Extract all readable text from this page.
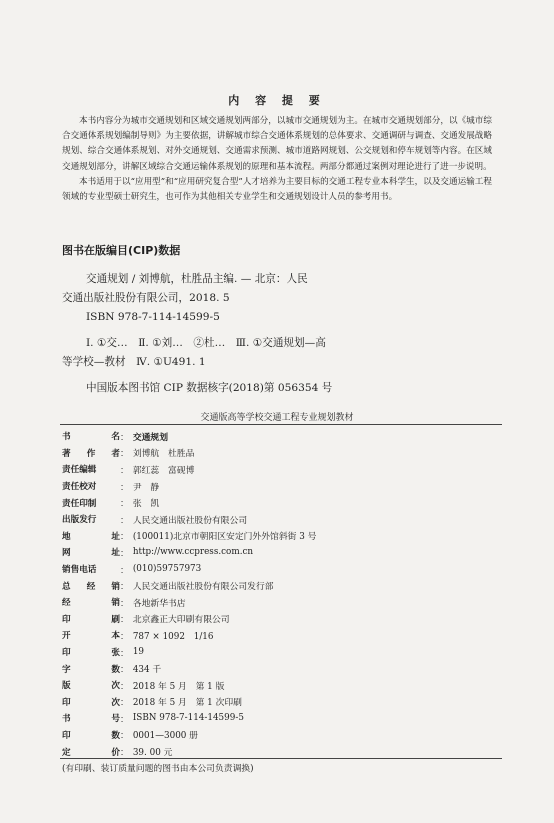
内 容 提 要

本书内容分为城市交通规划和区域交通规划两部分，以城市交通规划为主。在城市交通规划部分，以《城市综合交通体系规划编制导则》为主要依据，讲解城市综合交通体系规划的总体要求、交通调研与调查、交通发展战略规划、综合交通体系规划、对外交通规划、交通需求预测、城市道路网规划、公交规划和停车规划等内容。在区域交通规划部分，讲解区域综合交通运输体系规划的原理和基本流程。两部分都通过案例对理论进行了进一步说明。

本书适用于以“应用型”和“应用研究复合型”人才培养为主要目标的交通工程专业本科学生，以及交通运输工程领域的专业型硕士研究生，也可作为其他相关专业学生和交通规划设计人员的参考用书。

图书在版编目(CIP)数据

交通规划 / 刘博航，杜胜品主编. — 北京：人民

交通出版社股份有限公司，2018. 5

ISBN 978-7-114-14599-5

Ⅰ. ①交…　Ⅱ. ①刘…　②杜…　Ⅲ. ①交通规划—高

等学校—教材　Ⅳ. ①U491. 1

中国版本图书馆 CIP 数据核字(2018)第 056354 号

交通版高等学校交通工程专业规划教材
书	名 ： 交通规划
著 作 者 ： 刘博航　杜胜品
责任编辑	： 郭红蕊　富砚博
责任校对	： 尹　静
责任印制	： 张　凯
出版发行	： 人民交通出版社股份有限公司
地	址 ： (100011)北京市朝阳区安定门外外馆斜街 3 号
网	址 ： http://www.ccpress.com.cn
销售电话	： (010)59757973
总 经 销 ： 人民交通出版社股份有限公司发行部
经	销 ： 各地新华书店
印	刷 ： 北京鑫正大印刷有限公司
开	本 ： 787 × 1092　1/16
印	张 ： 19
字	数 ： 434 千
版	次 ： 2018 年 5 月　第 1 版
印	次 ： 2018 年 5 月　第 1 次印刷
书	号 ： ISBN 978-7-114-14599-5
印	数 ： 0001—3000 册
定	价 ： 39. 00 元
(有印刷、装订质量问题的图书由本公司负责调换)
